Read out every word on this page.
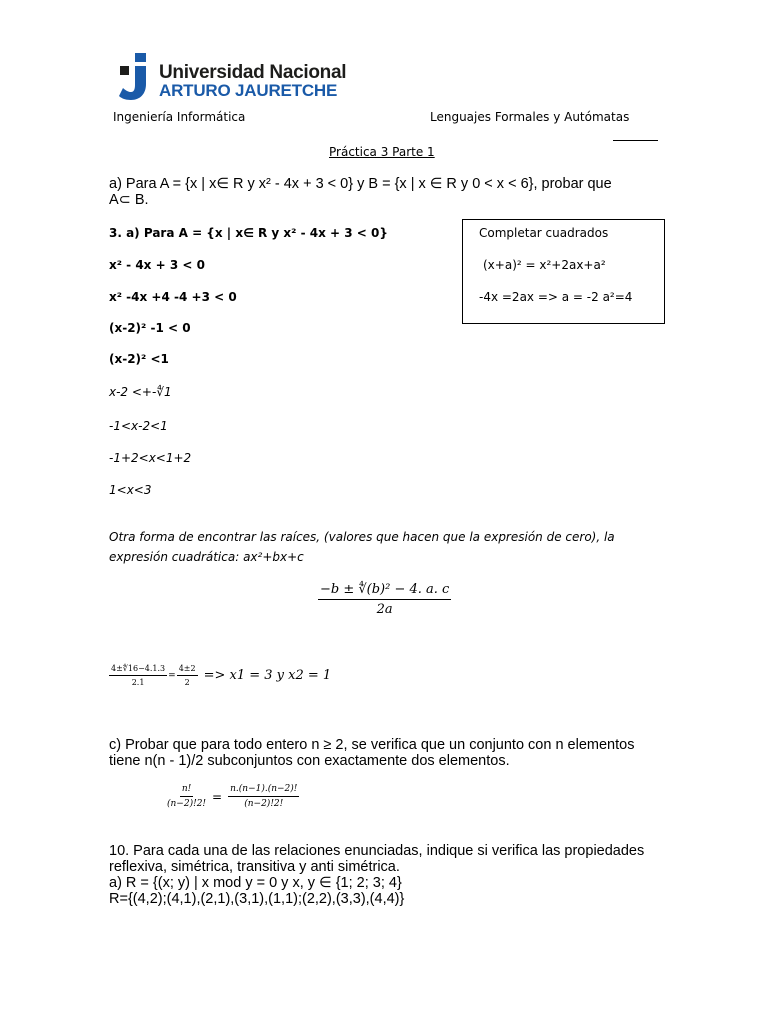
Universidad Nacional
ARTURO JAURETCHE
Ingeniería Informática	Lenguajes Formales y Autómatas
Práctica 3 Parte 1
a) Para A = {x | x∈ R y x² - 4x + 3 < 0} y B = {x | x ∈ R y 0 < x < 6}, probar que
A⊂ B.
3. a) Para A = {x | x∈ R y x² - 4x + 3 < 0}
x² - 4x + 3 < 0
x² -4x +4 -4 +3 < 0
(x-2)² -1 < 0
(x-2)² <1
x-2 <+-∜1
-1<x-2<1
-1+2<x<1+2
1<x<3
Completar cuadrados
(x+a)² = x²+2ax+a²
-4x =2ax => a = -2 a²=4
Otra forma de encontrar las raíces, (valores que hacen que la expresión de cero), la
expresión cuadrática: ax²+bx+c
$\frac{\text{−b ± ∜(b)² − 4. a. c}}{2a}$
$\frac{4\pm∜16-4.1.3}{2.1} = \frac{4\pm 2}{2} => x1 = 3$ y x2 = 1
c) Probar que para todo entero n ≥ 2, se verifica que un conjunto con n elementos
tiene n(n - 1)/2 subconjuntos con exactamente dos elementos.
$\frac{n!}{(n-2)!2!} = \frac{n.(n-1).(n-2)!}{(n-2)!2!}$
10. Para cada una de las relaciones enunciadas, indique si verifica las propiedades
reflexiva, simétrica, transitiva y anti simétrica.
a) R = {(x; y) | x mod y = 0 y x, y ∈ {1; 2; 3; 4}
R={(4,2);(4,1),(2,1),(3,1),(1,1);(2,2),(3,3),(4,4)}
